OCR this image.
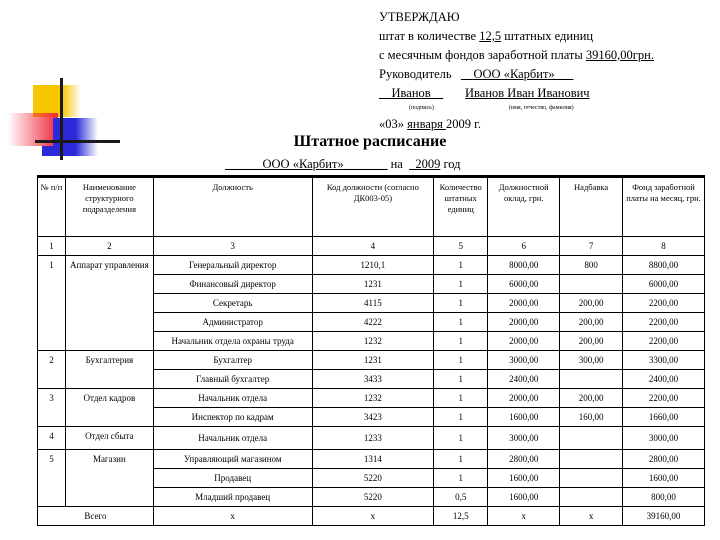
УТВЕРЖДАЮ
штат в количестве 12,5 штатных единиц
с месячным фондов заработной платы 39160,00грн.
Руководитель   __ООО «Карбит»___
__Иванов__ Иванов Иван Иванович
(подпись)	(имя, отчество, фамилия)
«03» января 2009 г.
Штатное расписание
______ООО «Карбит»_______ на  _2009 год
№ п/п	Наименование структурного подразделения	Должность	Код должности (согласно ДК003-05)	Количество штатных единиц	Должностной оклад, грн.	Надбавка	Фонд заработной платы на месяц, грн.
1	2	3	4	5	6	7	8
1	Аппарат управления	Генеральный директор	1210,1	1	8000,00	800	8800,00
		Финансовый директор	1231	1	6000,00		6000,00
		Секретарь	4115	1	2000,00	200,00	2200,00
		Администратор	4222	1	2000,00	200,00	2200,00
		Начальник отдела охраны труда	1232	1	2000,00	200,00	2200,00
2	Бухгалтерия	Бухгалтер	1231	1	3000,00	300,00	3300,00
		Главный бухгалтер	3433	1	2400,00		2400,00
3	Отдел кадров	Начальник отдела	1232	1	2000,00	200,00	2200,00
		Инспектор по кадрам	3423	1	1600,00	160,00	1660,00
4	Отдел сбыта	Начальник отдела	1233	1	3000,00		3000,00
5	Магазин	Управляющий магазином	1314	1	2800,00		2800,00
		Продавец	5220	1	1600,00		1600,00
		Младший продавец	5220	0,5	1600,00		800,00
Всего		х	х	12,5	х	х	39160,00
